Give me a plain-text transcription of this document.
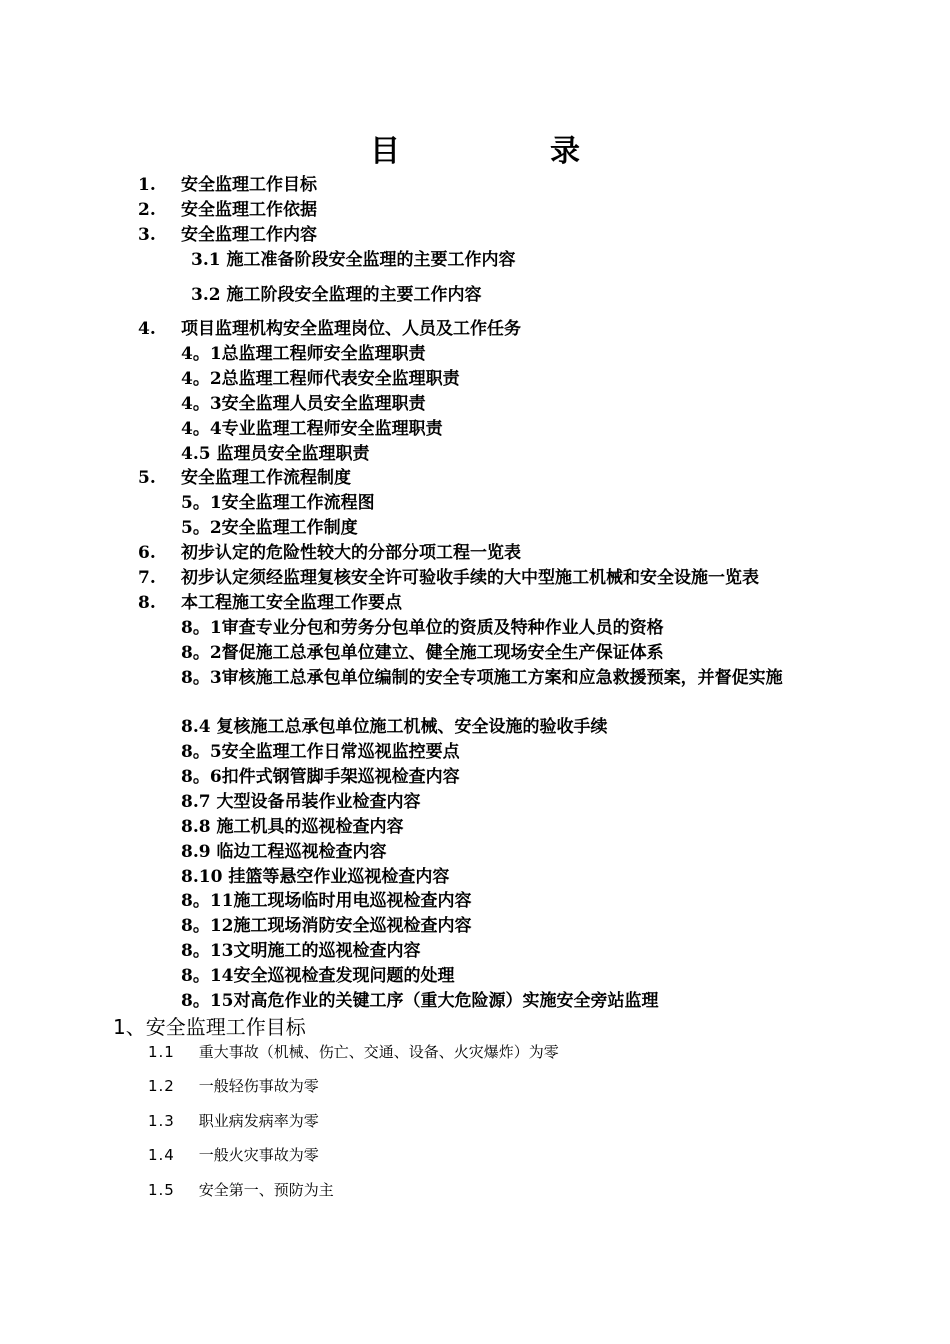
目　录
1. 安全监理工作目标
2. 安全监理工作依据
3. 安全监理工作内容
3.1 施工准备阶段安全监理的主要工作内容
3.2 施工阶段安全监理的主要工作内容
4. 项目监理机构安全监理岗位、人员及工作任务
4。1总监理工程师安全监理职责
4。2总监理工程师代表安全监理职责
4。3安全监理人员安全监理职责
4。4专业监理工程师安全监理职责
4.5 监理员安全监理职责
5. 安全监理工作流程制度
5。1安全监理工作流程图
5。2安全监理工作制度
6. 初步认定的危险性较大的分部分项工程一览表
7. 初步认定须经监理复核安全许可验收手续的大中型施工机械和安全设施一览表
8. 本工程施工安全监理工作要点
8。1审查专业分包和劳务分包单位的资质及特种作业人员的资格
8。2督促施工总承包单位建立、健全施工现场安全生产保证体系
8。3审核施工总承包单位编制的安全专项施工方案和应急救援预案，并督促实施
8.4 复核施工总承包单位施工机械、安全设施的验收手续
8。5安全监理工作日常巡视监控要点
8。6扣件式钢管脚手架巡视检查内容
8.7 大型设备吊装作业检查内容
8.8 施工机具的巡视检查内容
8.9 临边工程巡视检查内容
8.10 挂篮等悬空作业巡视检查内容
8。11施工现场临时用电巡视检查内容
8。12施工现场消防安全巡视检查内容
8。13文明施工的巡视检查内容
8。14安全巡视检查发现问题的处理
8。15对高危作业的关键工序（重大危险源）实施安全旁站监理
1、安全监理工作目标
1.1 重大事故（机械、伤亡、交通、设备、火灾爆炸）为零
1.2 一般轻伤事故为零
1.3 职业病发病率为零
1.4 一般火灾事故为零
1.5 安全第一、预防为主
